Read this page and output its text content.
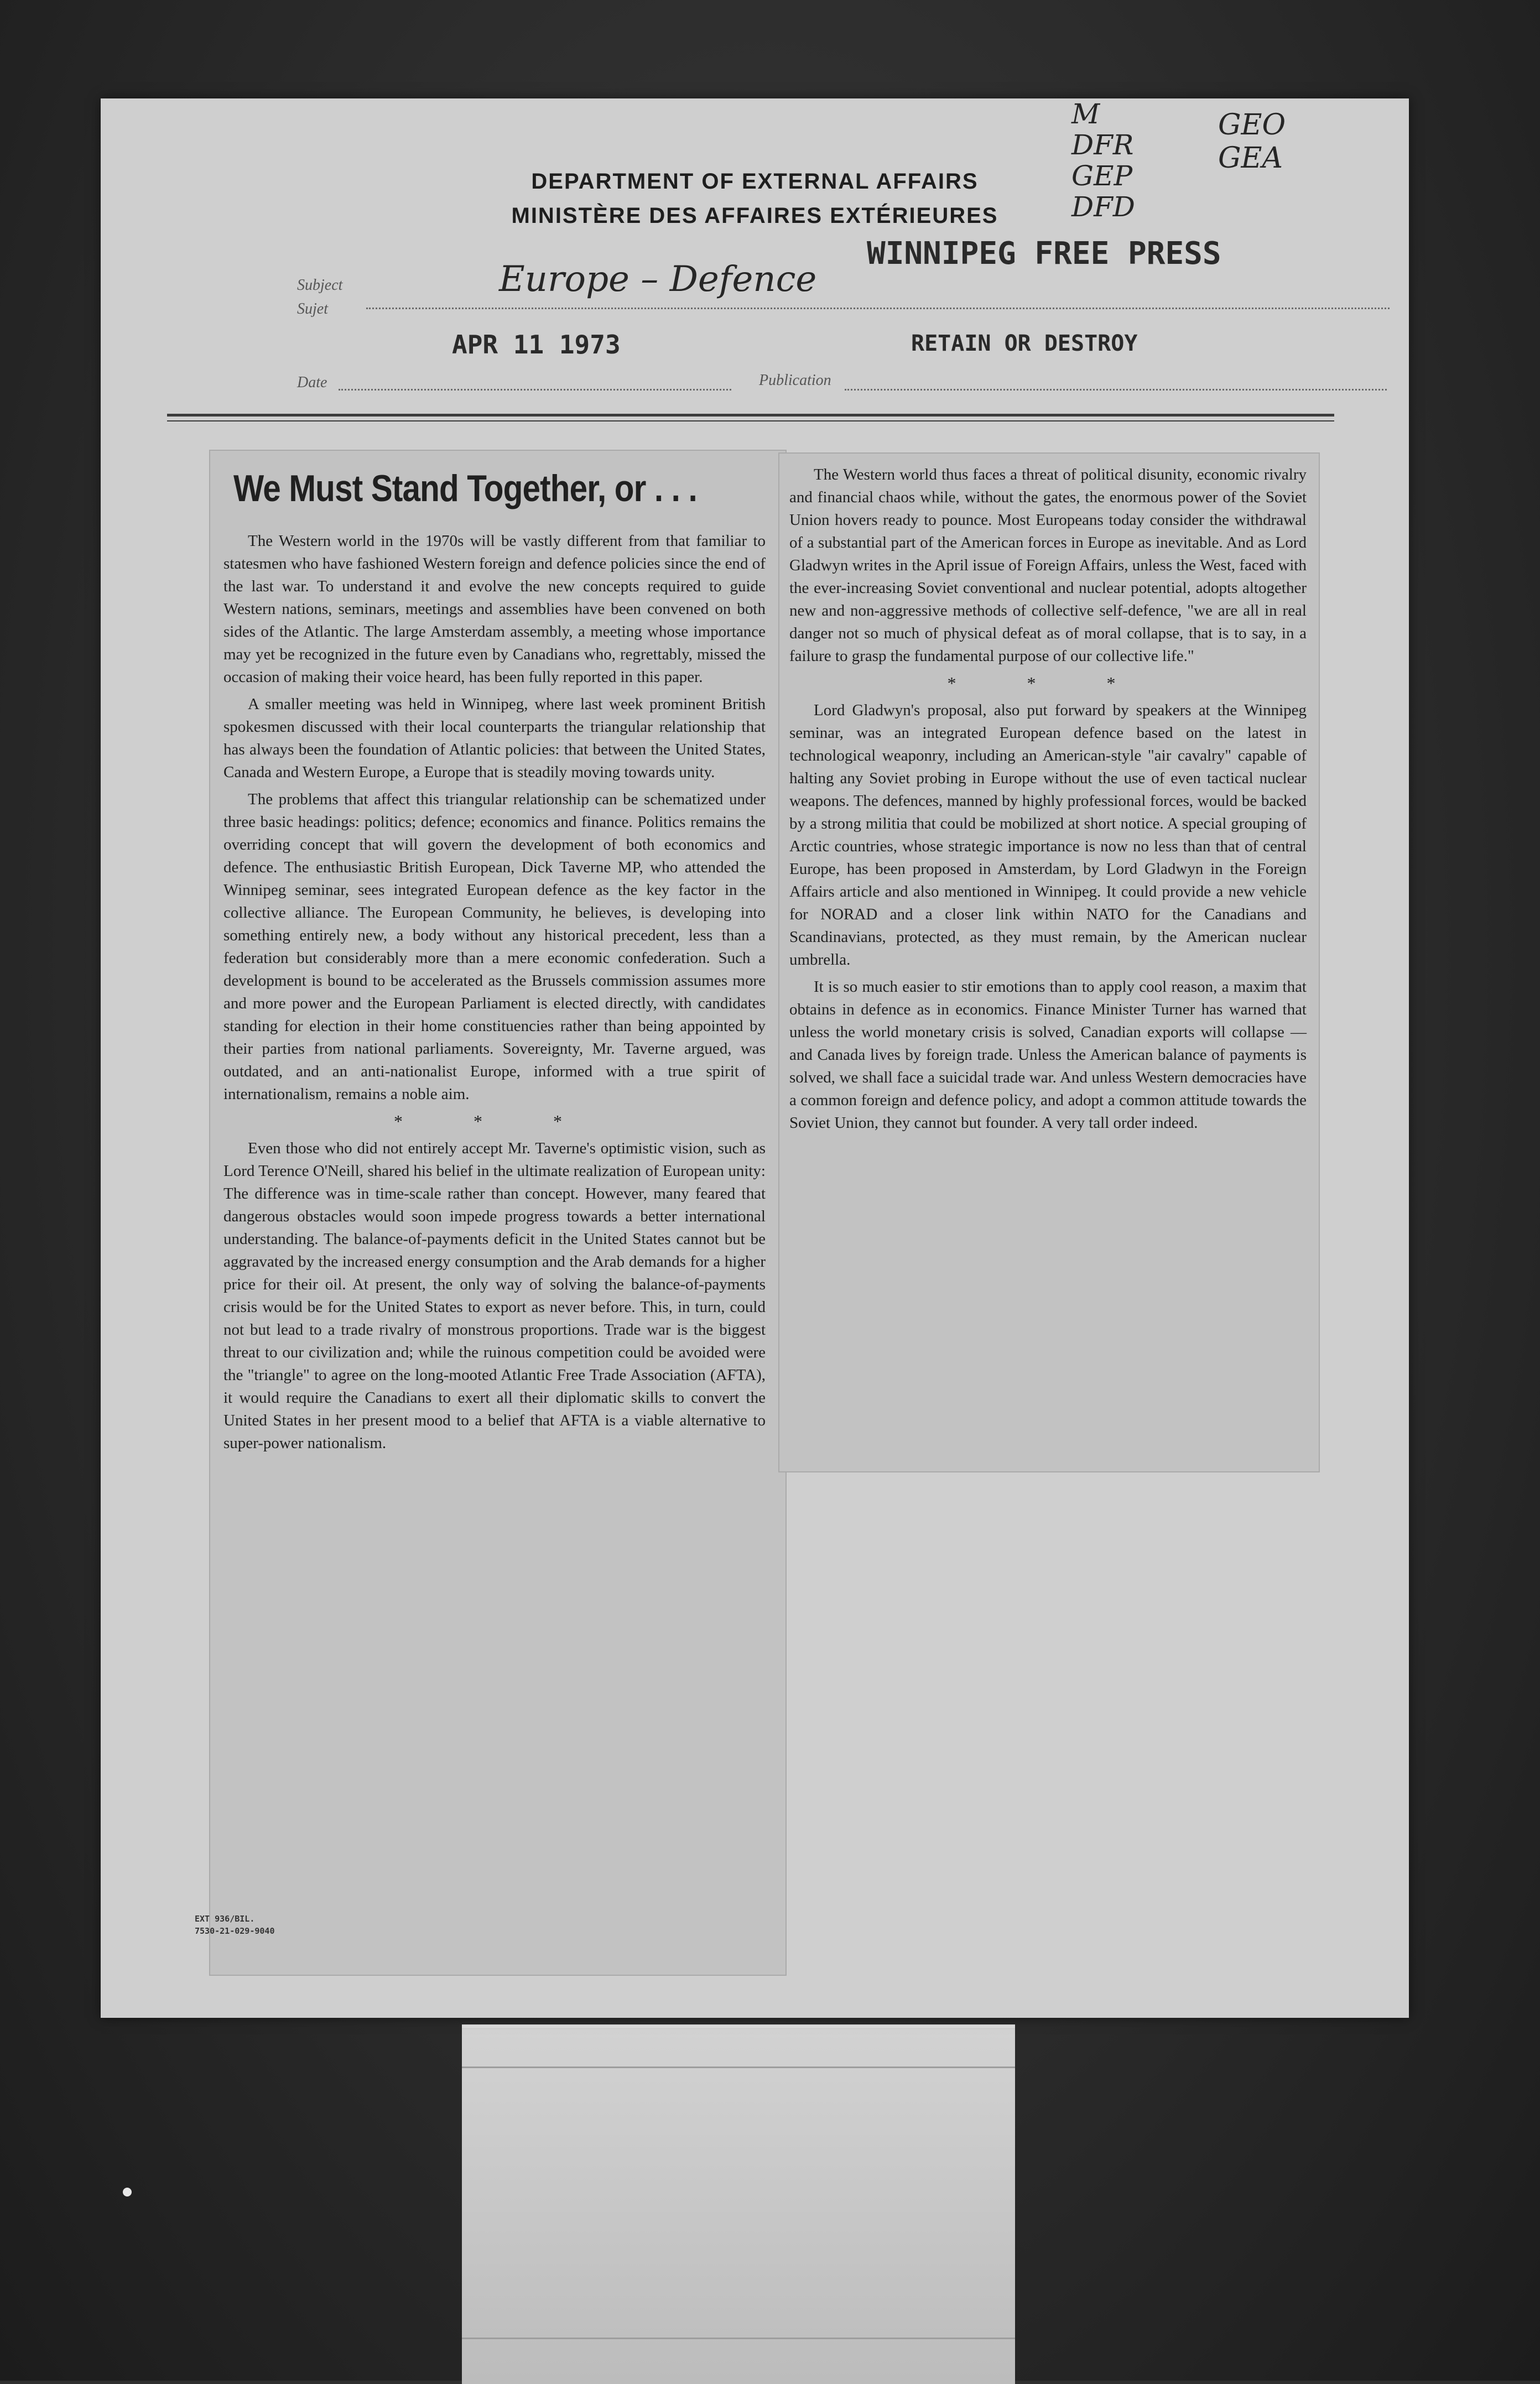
DEPARTMENT OF EXTERNAL AFFAIRS
MINISTÈRE DES AFFAIRES EXTÉRIEURES
M
DFR
GEP
DFD
GEO
GEA
Subject
Sujet
Europe – Defence
WINNIPEG FREE PRESS
APR 11 1973	RETAIN OR DESTROY
Date	Publication
We Must Stand Together, or . . .

The Western world in the 1970s will be vastly different from that familiar to statesmen who have fashioned Western foreign and defence policies since the end of the last war. To understand it and evolve the new concepts required to guide Western nations, seminars, meetings and assemblies have been convened on both sides of the Atlantic. The large Amsterdam assembly, a meeting whose importance may yet be recognized in the future even by Canadians who, regrettably, missed the occasion of making their voice heard, has been fully reported in this paper.

A smaller meeting was held in Winnipeg, where last week prominent British spokesmen discussed with their local counterparts the triangular relationship that has always been the foundation of Atlantic policies: that between the United States, Canada and Western Europe, a Europe that is steadily moving towards unity.

The problems that affect this triangular relationship can be schematized under three basic headings: politics; defence; economics and finance. Politics remains the overriding concept that will govern the development of both economics and defence. The enthusiastic British European, Dick Taverne MP, who attended the Winnipeg seminar, sees integrated European defence as the key factor in the collective alliance. The European Community, he believes, is developing into something entirely new, a body without any historical precedent, less than a federation but considerably more than a mere economic confederation. Such a development is bound to be accelerated as the Brussels commission assumes more and more power and the European Parliament is elected directly, with candidates standing for election in their home constituencies rather than being appointed by their parties from national parliaments. Sovereignty, Mr. Taverne argued, was outdated, and an anti-nationalist Europe, informed with a true spirit of internationalism, remains a noble aim.

* * *

Even those who did not entirely accept Mr. Taverne's optimistic vision, such as Lord Terence O'Neill, shared his belief in the ultimate realization of European unity: The difference was in time-scale rather than concept. However, many feared that dangerous obstacles would soon impede progress towards a better international understanding. The balance-of-payments deficit in the United States cannot but be aggravated by the increased energy consumption and the Arab demands for a higher price for their oil. At present, the only way of solving the balance-of-payments crisis would be for the United States to export as never before. This, in turn, could not but lead to a trade rivalry of monstrous proportions. Trade war is the biggest threat to our civilization and; while the ruinous competition could be avoided were the "triangle" to agree on the long-mooted Atlantic Free Trade Association (AFTA), it would require the Canadians to exert all their diplomatic skills to convert the United States in her present mood to a belief that AFTA is a viable alternative to super-power nationalism.

The Western world thus faces a threat of political disunity, economic rivalry and financial chaos while, without the gates, the enormous power of the Soviet Union hovers ready to pounce. Most Europeans today consider the withdrawal of a substantial part of the American forces in Europe as inevitable. And as Lord Gladwyn writes in the April issue of Foreign Affairs, unless the West, faced with the ever-increasing Soviet conventional and nuclear potential, adopts altogether new and non-aggressive methods of collective self-defence, "we are all in real danger not so much of physical defeat as of moral collapse, that is to say, in a failure to grasp the fundamental purpose of our collective life."

* * *

Lord Gladwyn's proposal, also put forward by speakers at the Winnipeg seminar, was an integrated European defence based on the latest in technological weaponry, including an American-style "air cavalry" capable of halting any Soviet probing in Europe without the use of even tactical nuclear weapons. The defences, manned by highly professional forces, would be backed by a strong militia that could be mobilized at short notice. A special grouping of Arctic countries, whose strategic importance is now no less than that of central Europe, has been proposed in Amsterdam, by Lord Gladwyn in the Foreign Affairs article and also mentioned in Winnipeg. It could provide a new vehicle for NORAD and a closer link within NATO for the Canadians and Scandinavians, protected, as they must remain, by the American nuclear umbrella.

It is so much easier to stir emotions than to apply cool reason, a maxim that obtains in defence as in economics. Finance Minister Turner has warned that unless the world monetary crisis is solved, Canadian exports will collapse — and Canada lives by foreign trade. Unless the American balance of payments is solved, we shall face a suicidal trade war. And unless Western democracies have a common foreign and defence policy, and adopt a common attitude towards the Soviet Union, they cannot but founder. A very tall order indeed.

EXT 936/BIL.
7530-21-029-9040
